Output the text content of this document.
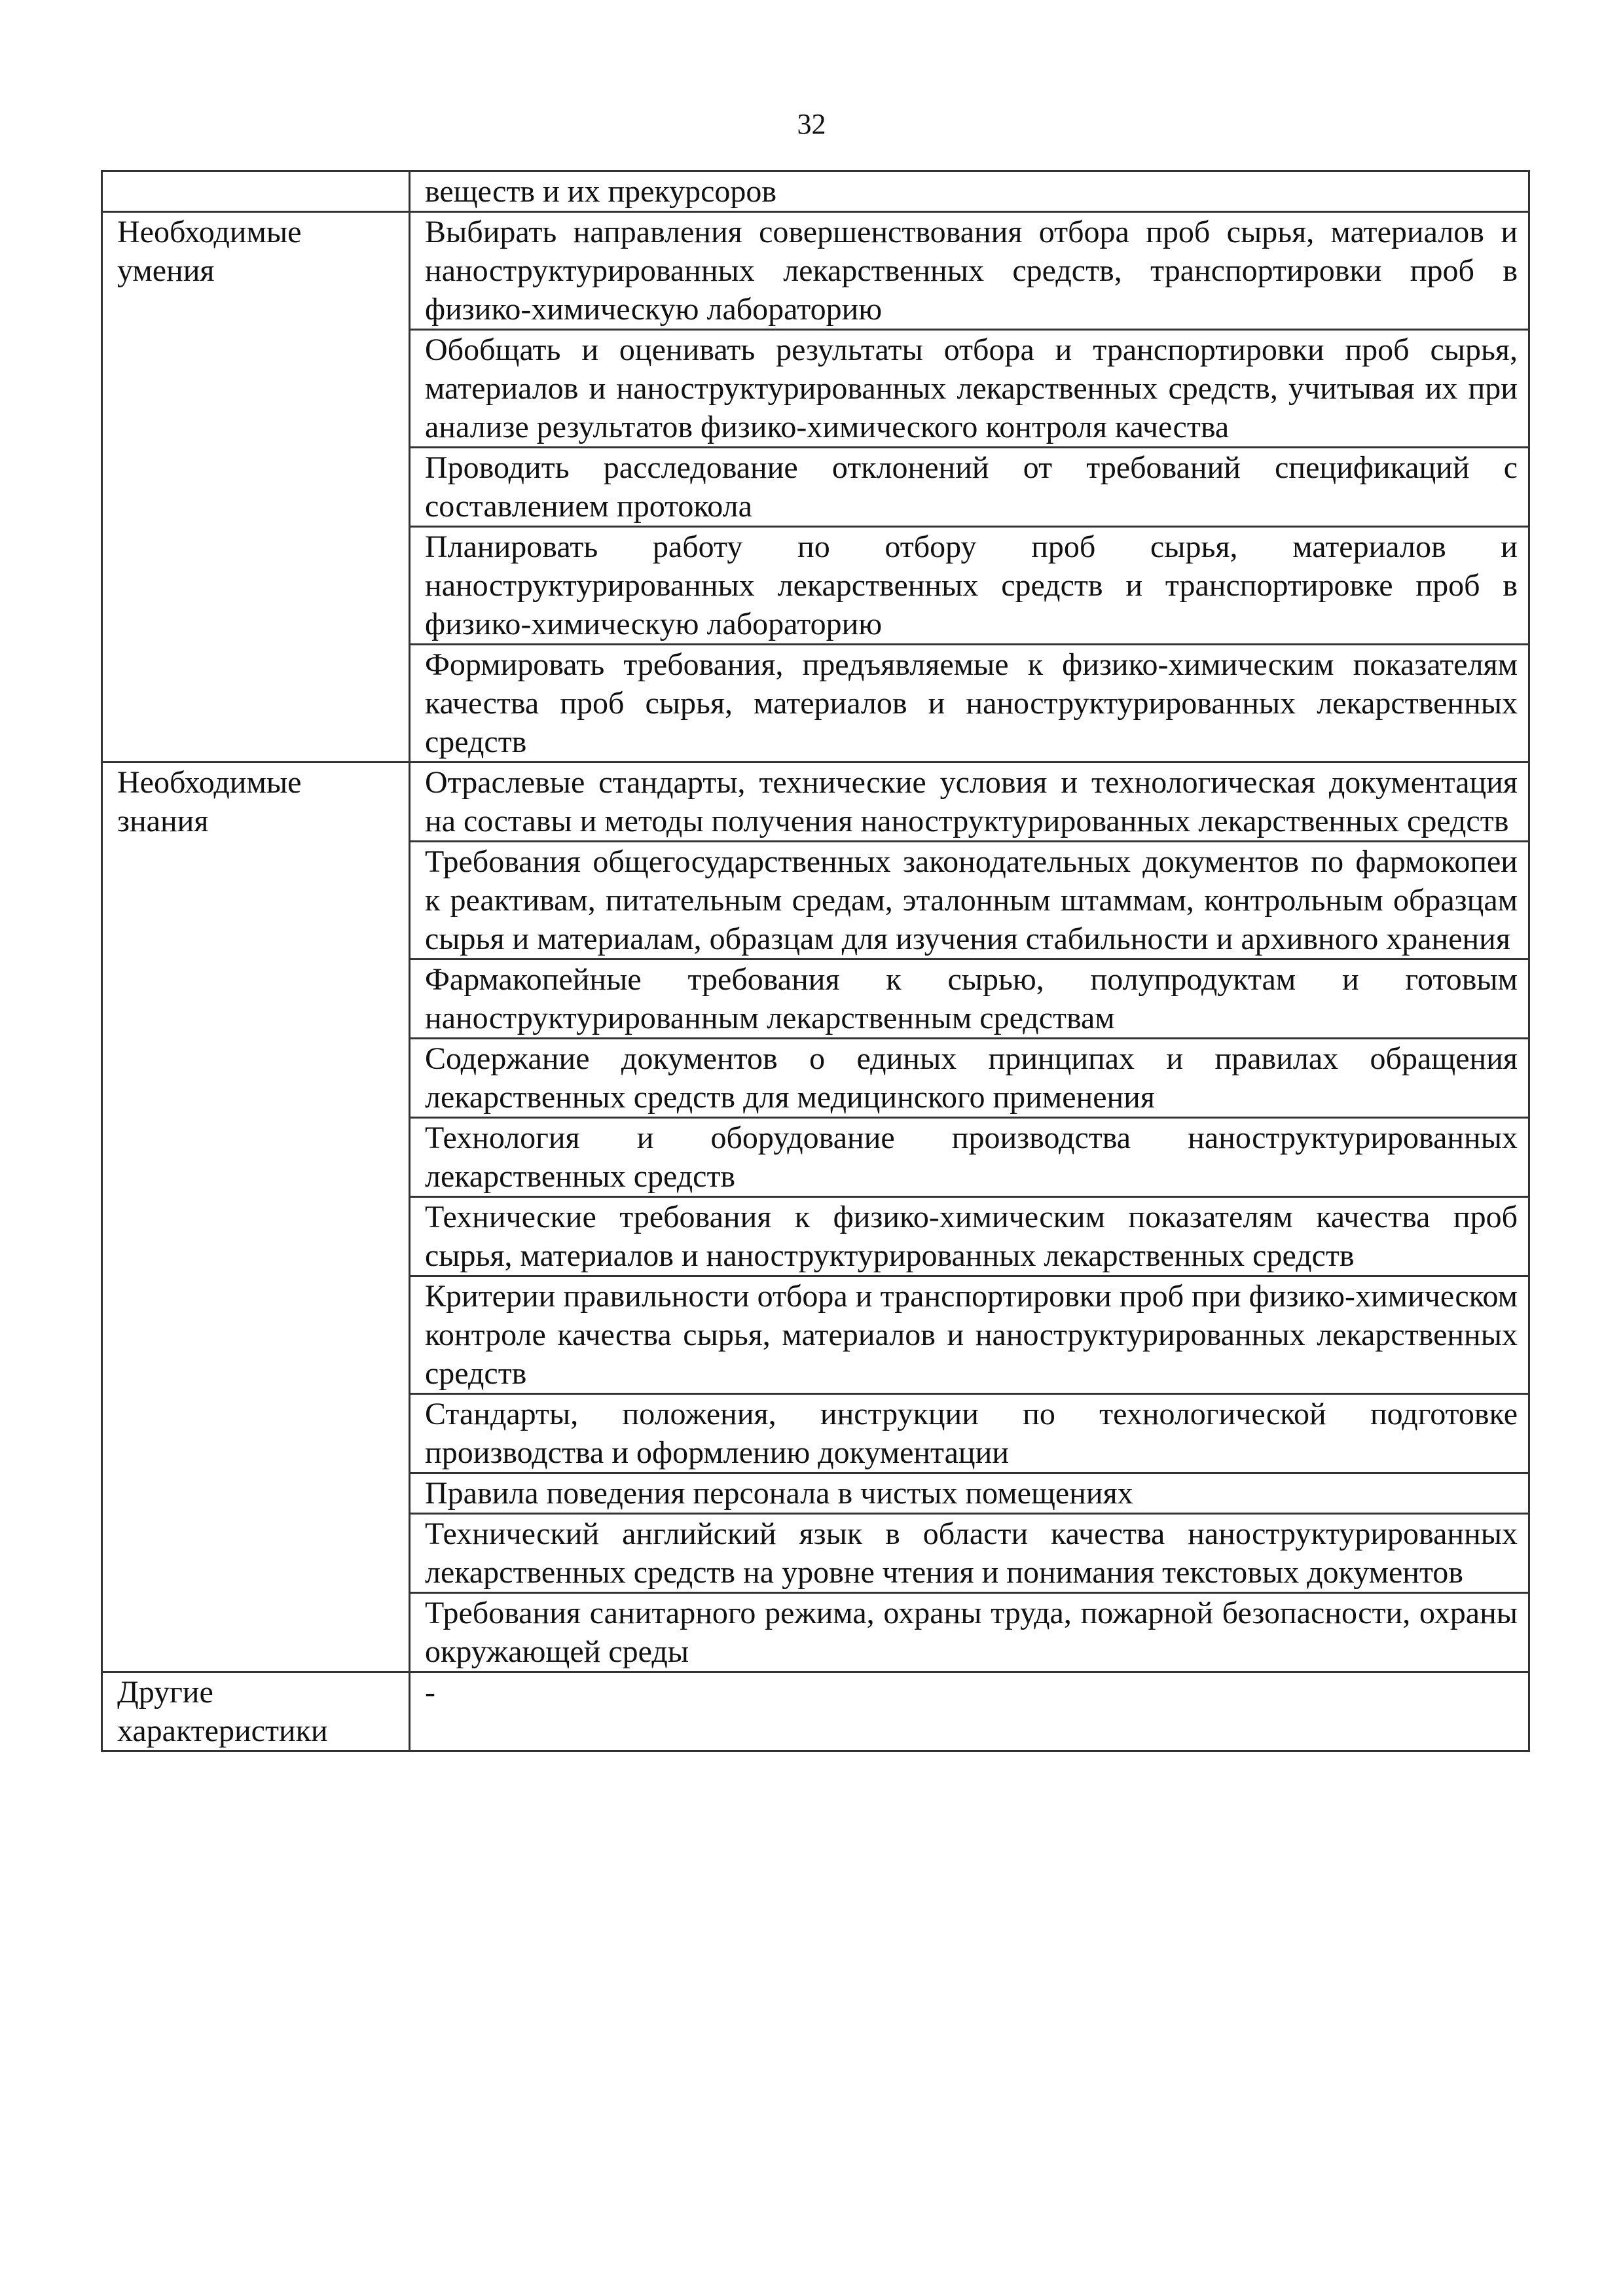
32
	веществ и их прекурсоров
Необходимые умения	Выбирать направления совершенствования отбора проб сырья, материалов и наноструктурированных лекарственных средств, транспортировки проб в физико-химическую лабораторию
	Обобщать и оценивать результаты отбора и транспортировки проб сырья, материалов и наноструктурированных лекарственных средств, учитывая их при анализе результатов физико-химического контроля качества
	Проводить расследование отклонений от требований спецификаций с составлением протокола
	Планировать работу по отбору проб сырья, материалов и наноструктурированных лекарственных средств и транспортировке проб в физико-химическую лабораторию
	Формировать требования, предъявляемые к физико-химическим показателям качества проб сырья, материалов и наноструктурированных лекарственных средств
Необходимые знания	Отраслевые стандарты, технические условия и технологическая документация на составы и методы получения наноструктурированных лекарственных средств
	Требования общегосударственных законодательных документов по фармокопеи к реактивам, питательным средам, эталонным штаммам, контрольным образцам сырья и материалам, образцам для изучения стабильности и архивного хранения
	Фармакопейные требования к сырью, полупродуктам и готовым наноструктурированным лекарственным средствам
	Содержание документов о единых принципах и правилах обращения лекарственных средств для медицинского применения
	Технология и оборудование производства наноструктурированных лекарственных средств
	Технические требования к физико-химическим показателям качества проб сырья, материалов и наноструктурированных лекарственных средств
	Критерии правильности отбора и транспортировки проб при физико-химическом контроле качества сырья, материалов и наноструктурированных лекарственных средств
	Стандарты, положения, инструкции по технологической подготовке производства и оформлению документации
	Правила поведения персонала в чистых помещениях
	Технический английский язык в области качества наноструктурированных лекарственных средств на уровне чтения и понимания текстовых документов
	Требования санитарного режима, охраны труда, пожарной безопасности, охраны окружающей среды
Другие характеристики	-
